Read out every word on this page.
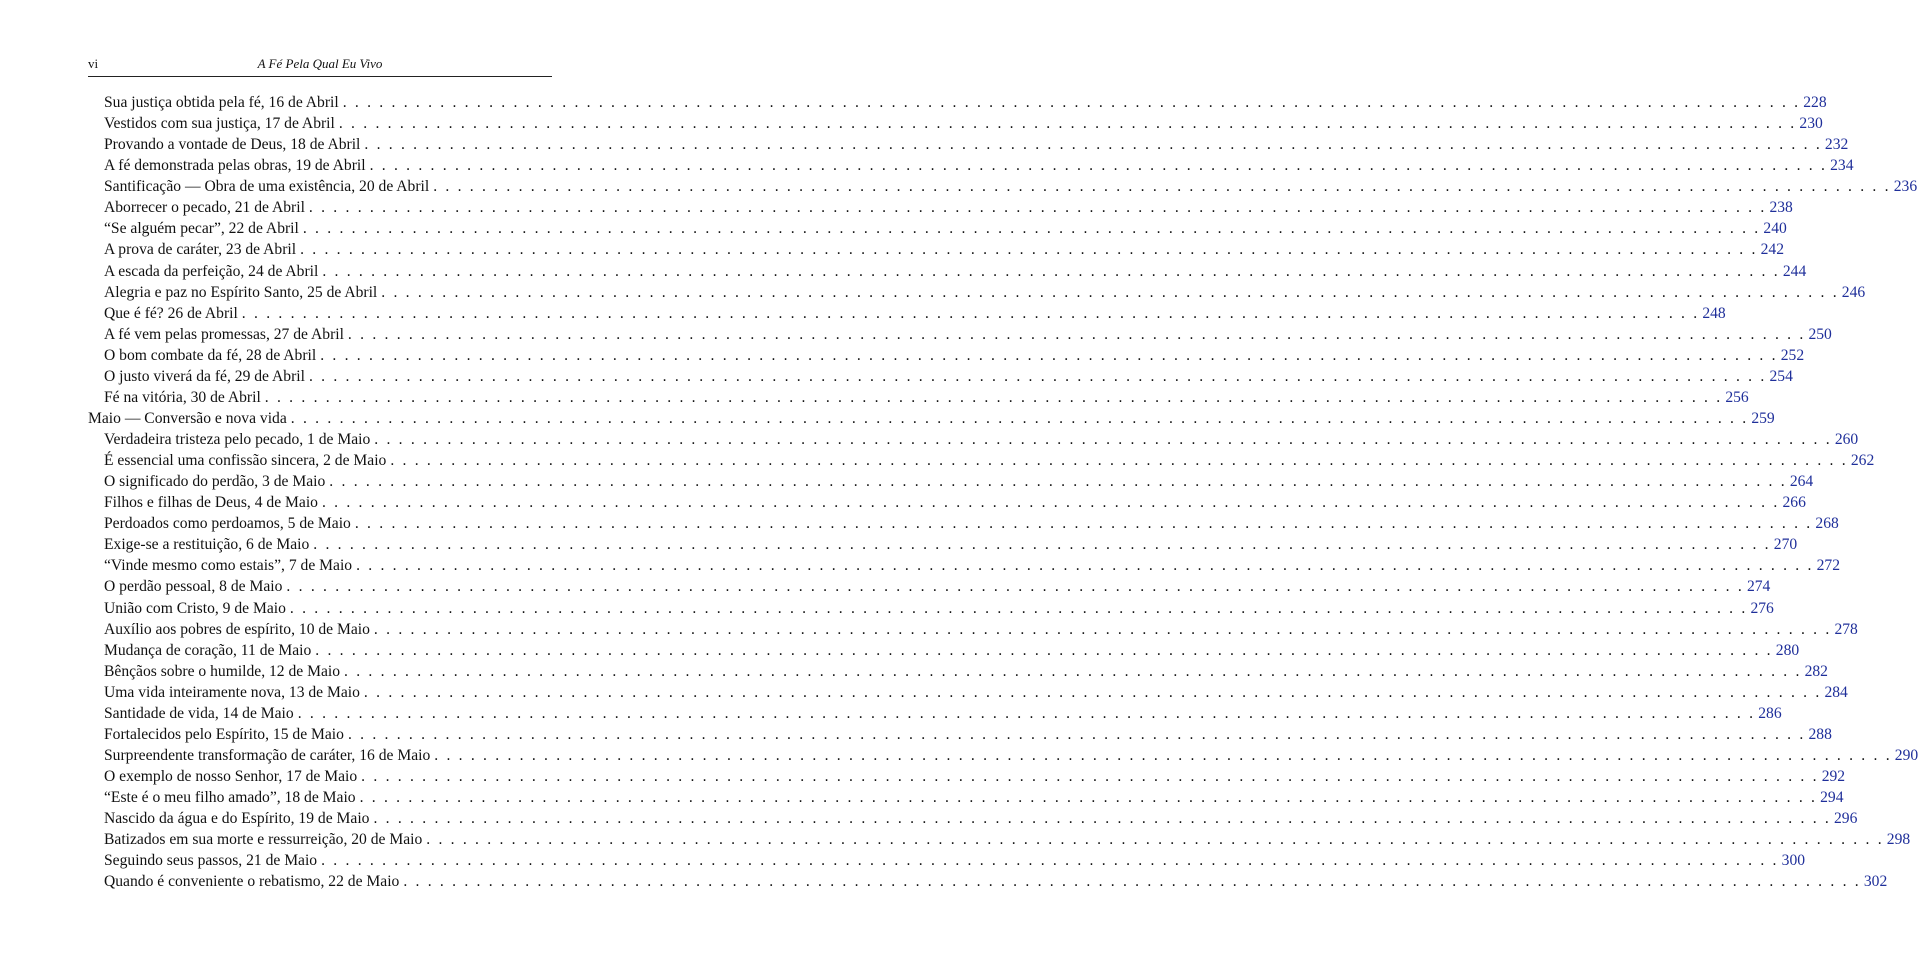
vi	A Fé Pela Qual Eu Vivo
Sua justiça obtida pela fé, 16 de Abril . . . . . . . . . . . . . . . . . . . . . . . . . . . . . . . . . . . . . . . . . . . . . . . . . . . . . . . . . . . . . . . . . . . . . . . . . . . . . . . . . . . . . . . . . . . . . . . . . . . . . . . . . . . . . . . . . . . . . . . . 228
Vestidos com sua justiça, 17 de Abril . . . . . . . . . . . . . . . . . . . . . . . . . . . . . . . . . . . . . . . . . . . . . . . . . . . . . . . . . . . . . . . . . . . . . . . . . . . . . . . . . . . . . . . . . . . . . . . . . . . . . . . . . . . . . . . . . . . . . . . . 230
Provando a vontade de Deus, 18 de Abril . . . . . . . . . . . . . . . . . . . . . . . . . . . . . . . . . . . . . . . . . . . . . . . . . . . . . . . . . . . . . . . . . . . . . . . . . . . . . . . . . . . . . . . . . . . . . . . . . . . . . . . . . . . . . . . . . . . . . . . . 232
A fé demonstrada pelas obras, 19 de Abril . . . . . . . . . . . . . . . . . . . . . . . . . . . . . . . . . . . . . . . . . . . . . . . . . . . . . . . . . . . . . . . . . . . . . . . . . . . . . . . . . . . . . . . . . . . . . . . . . . . . . . . . . . . . . . . . . . . . . . . . 234
Santificação — Obra de uma existência, 20 de Abril . . . . . . . . . . . . . . . . . . . . . . . . . . . . . . . . . . . . . . . . . . . . . . . . . . . . . . . . . . . . . . . . . . . . . . . . . . . . . . . . . . . . . . . . . . . . . . . . . . . . . . . . . . . . . . . . . . . . . . . . 236
Aborrecer o pecado, 21 de Abril . . . . . . . . . . . . . . . . . . . . . . . . . . . . . . . . . . . . . . . . . . . . . . . . . . . . . . . . . . . . . . . . . . . . . . . . . . . . . . . . . . . . . . . . . . . . . . . . . . . . . . . . . . . . . . . . . . . . . . . . 238
“Se alguém pecar”, 22 de Abril . . . . . . . . . . . . . . . . . . . . . . . . . . . . . . . . . . . . . . . . . . . . . . . . . . . . . . . . . . . . . . . . . . . . . . . . . . . . . . . . . . . . . . . . . . . . . . . . . . . . . . . . . . . . . . . . . . . . . . . . 240
A prova de caráter, 23 de Abril . . . . . . . . . . . . . . . . . . . . . . . . . . . . . . . . . . . . . . . . . . . . . . . . . . . . . . . . . . . . . . . . . . . . . . . . . . . . . . . . . . . . . . . . . . . . . . . . . . . . . . . . . . . . . . . . . . . . . . . . 242
A escada da perfeição, 24 de Abril . . . . . . . . . . . . . . . . . . . . . . . . . . . . . . . . . . . . . . . . . . . . . . . . . . . . . . . . . . . . . . . . . . . . . . . . . . . . . . . . . . . . . . . . . . . . . . . . . . . . . . . . . . . . . . . . . . . . . . . . 244
Alegria e paz no Espírito Santo, 25 de Abril . . . . . . . . . . . . . . . . . . . . . . . . . . . . . . . . . . . . . . . . . . . . . . . . . . . . . . . . . . . . . . . . . . . . . . . . . . . . . . . . . . . . . . . . . . . . . . . . . . . . . . . . . . . . . . . . . . . . . . . . 246
Que é fé? 26 de Abril . . . . . . . . . . . . . . . . . . . . . . . . . . . . . . . . . . . . . . . . . . . . . . . . . . . . . . . . . . . . . . . . . . . . . . . . . . . . . . . . . . . . . . . . . . . . . . . . . . . . . . . . . . . . . . . . . . . . . . . . 248
A fé vem pelas promessas, 27 de Abril . . . . . . . . . . . . . . . . . . . . . . . . . . . . . . . . . . . . . . . . . . . . . . . . . . . . . . . . . . . . . . . . . . . . . . . . . . . . . . . . . . . . . . . . . . . . . . . . . . . . . . . . . . . . . . . . . . . . . . . . 250
O bom combate da fé, 28 de Abril . . . . . . . . . . . . . . . . . . . . . . . . . . . . . . . . . . . . . . . . . . . . . . . . . . . . . . . . . . . . . . . . . . . . . . . . . . . . . . . . . . . . . . . . . . . . . . . . . . . . . . . . . . . . . . . . . . . . . . . . 252
O justo viverá da fé, 29 de Abril . . . . . . . . . . . . . . . . . . . . . . . . . . . . . . . . . . . . . . . . . . . . . . . . . . . . . . . . . . . . . . . . . . . . . . . . . . . . . . . . . . . . . . . . . . . . . . . . . . . . . . . . . . . . . . . . . . . . . . . . 254
Fé na vitória, 30 de Abril . . . . . . . . . . . . . . . . . . . . . . . . . . . . . . . . . . . . . . . . . . . . . . . . . . . . . . . . . . . . . . . . . . . . . . . . . . . . . . . . . . . . . . . . . . . . . . . . . . . . . . . . . . . . . . . . . . . . . . . . 256
Maio — Conversão e nova vida . . . . . . . . . . . . . . . . . . . . . . . . . . . . . . . . . . . . . . . . . . . . . . . . . . . . . . . . . . . . . . . . . . . . . . . . . . . . . . . . . . . . . . . . . . . . . . . . . . . . . . . . . . . . . . . . . . . . . . . . 259
Verdadeira tristeza pelo pecado, 1 de Maio . . . . . . . . . . . . . . . . . . . . . . . . . . . . . . . . . . . . . . . . . . . . . . . . . . . . . . . . . . . . . . . . . . . . . . . . . . . . . . . . . . . . . . . . . . . . . . . . . . . . . . . . . . . . . . . . . . . . . . . . 260
É essencial uma confissão sincera, 2 de Maio . . . . . . . . . . . . . . . . . . . . . . . . . . . . . . . . . . . . . . . . . . . . . . . . . . . . . . . . . . . . . . . . . . . . . . . . . . . . . . . . . . . . . . . . . . . . . . . . . . . . . . . . . . . . . . . . . . . . . . . . 262
O significado do perdão, 3 de Maio . . . . . . . . . . . . . . . . . . . . . . . . . . . . . . . . . . . . . . . . . . . . . . . . . . . . . . . . . . . . . . . . . . . . . . . . . . . . . . . . . . . . . . . . . . . . . . . . . . . . . . . . . . . . . . . . . . . . . . . . 264
Filhos e filhas de Deus, 4 de Maio . . . . . . . . . . . . . . . . . . . . . . . . . . . . . . . . . . . . . . . . . . . . . . . . . . . . . . . . . . . . . . . . . . . . . . . . . . . . . . . . . . . . . . . . . . . . . . . . . . . . . . . . . . . . . . . . . . . . . . . . 266
Perdoados como perdoamos, 5 de Maio . . . . . . . . . . . . . . . . . . . . . . . . . . . . . . . . . . . . . . . . . . . . . . . . . . . . . . . . . . . . . . . . . . . . . . . . . . . . . . . . . . . . . . . . . . . . . . . . . . . . . . . . . . . . . . . . . . . . . . . . 268
Exige-se a restituição, 6 de Maio . . . . . . . . . . . . . . . . . . . . . . . . . . . . . . . . . . . . . . . . . . . . . . . . . . . . . . . . . . . . . . . . . . . . . . . . . . . . . . . . . . . . . . . . . . . . . . . . . . . . . . . . . . . . . . . . . . . . . . . . 270
“Vinde mesmo como estais”, 7 de Maio . . . . . . . . . . . . . . . . . . . . . . . . . . . . . . . . . . . . . . . . . . . . . . . . . . . . . . . . . . . . . . . . . . . . . . . . . . . . . . . . . . . . . . . . . . . . . . . . . . . . . . . . . . . . . . . . . . . . . . . . 272
O perdão pessoal, 8 de Maio . . . . . . . . . . . . . . . . . . . . . . . . . . . . . . . . . . . . . . . . . . . . . . . . . . . . . . . . . . . . . . . . . . . . . . . . . . . . . . . . . . . . . . . . . . . . . . . . . . . . . . . . . . . . . . . . . . . . . . . . 274
União com Cristo, 9 de Maio . . . . . . . . . . . . . . . . . . . . . . . . . . . . . . . . . . . . . . . . . . . . . . . . . . . . . . . . . . . . . . . . . . . . . . . . . . . . . . . . . . . . . . . . . . . . . . . . . . . . . . . . . . . . . . . . . . . . . . . . 276
Auxílio aos pobres de espírito, 10 de Maio . . . . . . . . . . . . . . . . . . . . . . . . . . . . . . . . . . . . . . . . . . . . . . . . . . . . . . . . . . . . . . . . . . . . . . . . . . . . . . . . . . . . . . . . . . . . . . . . . . . . . . . . . . . . . . . . . . . . . . . . 278
Mudança de coração, 11 de Maio . . . . . . . . . . . . . . . . . . . . . . . . . . . . . . . . . . . . . . . . . . . . . . . . . . . . . . . . . . . . . . . . . . . . . . . . . . . . . . . . . . . . . . . . . . . . . . . . . . . . . . . . . . . . . . . . . . . . . . . . 280
Bênçãos sobre o humilde, 12 de Maio . . . . . . . . . . . . . . . . . . . . . . . . . . . . . . . . . . . . . . . . . . . . . . . . . . . . . . . . . . . . . . . . . . . . . . . . . . . . . . . . . . . . . . . . . . . . . . . . . . . . . . . . . . . . . . . . . . . . . . . . 282
Uma vida inteiramente nova, 13 de Maio . . . . . . . . . . . . . . . . . . . . . . . . . . . . . . . . . . . . . . . . . . . . . . . . . . . . . . . . . . . . . . . . . . . . . . . . . . . . . . . . . . . . . . . . . . . . . . . . . . . . . . . . . . . . . . . . . . . . . . . . 284
Santidade de vida, 14 de Maio . . . . . . . . . . . . . . . . . . . . . . . . . . . . . . . . . . . . . . . . . . . . . . . . . . . . . . . . . . . . . . . . . . . . . . . . . . . . . . . . . . . . . . . . . . . . . . . . . . . . . . . . . . . . . . . . . . . . . . . . 286
Fortalecidos pelo Espírito, 15 de Maio . . . . . . . . . . . . . . . . . . . . . . . . . . . . . . . . . . . . . . . . . . . . . . . . . . . . . . . . . . . . . . . . . . . . . . . . . . . . . . . . . . . . . . . . . . . . . . . . . . . . . . . . . . . . . . . . . . . . . . . . 288
Surpreendente transformação de caráter, 16 de Maio . . . . . . . . . . . . . . . . . . . . . . . . . . . . . . . . . . . . . . . . . . . . . . . . . . . . . . . . . . . . . . . . . . . . . . . . . . . . . . . . . . . . . . . . . . . . . . . . . . . . . . . . . . . . . . . . . . . . . . . . 290
O exemplo de nosso Senhor, 17 de Maio . . . . . . . . . . . . . . . . . . . . . . . . . . . . . . . . . . . . . . . . . . . . . . . . . . . . . . . . . . . . . . . . . . . . . . . . . . . . . . . . . . . . . . . . . . . . . . . . . . . . . . . . . . . . . . . . . . . . . . . . 292
“Este é o meu filho amado”, 18 de Maio . . . . . . . . . . . . . . . . . . . . . . . . . . . . . . . . . . . . . . . . . . . . . . . . . . . . . . . . . . . . . . . . . . . . . . . . . . . . . . . . . . . . . . . . . . . . . . . . . . . . . . . . . . . . . . . . . . . . . . . . 294
Nascido da água e do Espírito, 19 de Maio . . . . . . . . . . . . . . . . . . . . . . . . . . . . . . . . . . . . . . . . . . . . . . . . . . . . . . . . . . . . . . . . . . . . . . . . . . . . . . . . . . . . . . . . . . . . . . . . . . . . . . . . . . . . . . . . . . . . . . . . 296
Batizados em sua morte e ressurreição, 20 de Maio . . . . . . . . . . . . . . . . . . . . . . . . . . . . . . . . . . . . . . . . . . . . . . . . . . . . . . . . . . . . . . . . . . . . . . . . . . . . . . . . . . . . . . . . . . . . . . . . . . . . . . . . . . . . . . . . . . . . . . . . 298
Seguindo seus passos, 21 de Maio . . . . . . . . . . . . . . . . . . . . . . . . . . . . . . . . . . . . . . . . . . . . . . . . . . . . . . . . . . . . . . . . . . . . . . . . . . . . . . . . . . . . . . . . . . . . . . . . . . . . . . . . . . . . . . . . . . . . . . . . 300
Quando é conveniente o rebatismo, 22 de Maio . . . . . . . . . . . . . . . . . . . . . . . . . . . . . . . . . . . . . . . . . . . . . . . . . . . . . . . . . . . . . . . . . . . . . . . . . . . . . . . . . . . . . . . . . . . . . . . . . . . . . . . . . . . . . . . . . . . . . . . . 302
